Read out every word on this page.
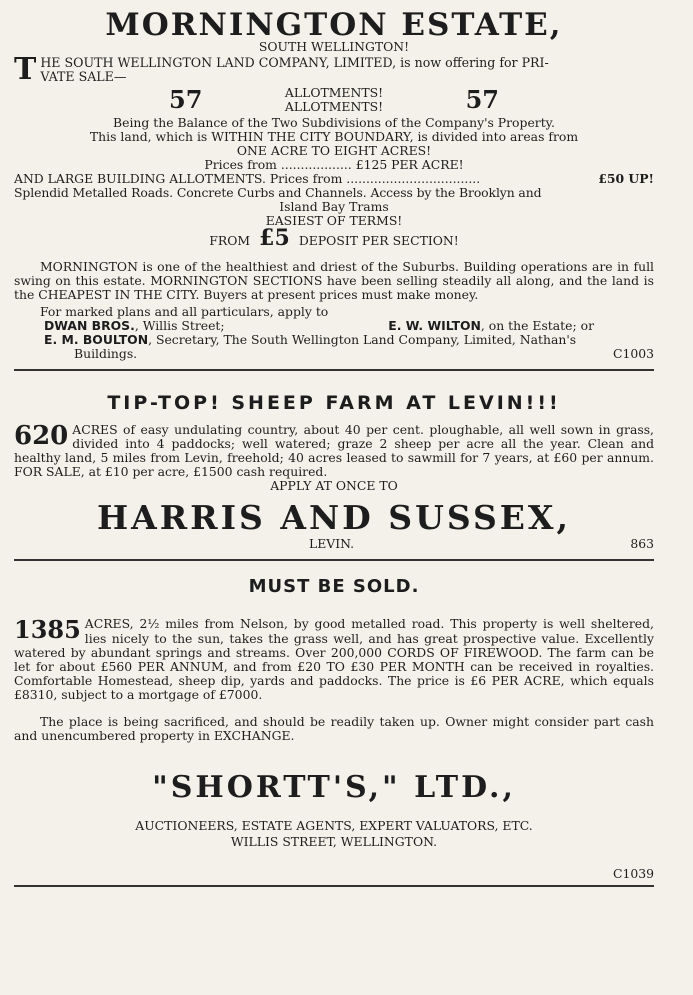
MORNINGTON ESTATE,

SOUTH WELLINGTON!

T HE SOUTH WELLINGTON LAND COMPANY, LIMITED, is now offering for PRI-

VATE SALE—

57	ALLOTMENTS!

ALLOTMENTS!	57

Being the Balance of the Two Subdivisions of the Company's Property.

This land, which is WITHIN THE CITY BOUNDARY, is divided into areas from

ONE ACRE TO EIGHT ACRES!

Prices from .................. £125 PER ACRE!

AND LARGE BUILDING ALLOTMENTS. Prices from ..................................	£50 UP!

Splendid Metalled Roads. Concrete Curbs and Channels. Access by the Brooklyn and

Island Bay Trams

EASIEST OF TERMS!

FROM £5 DEPOSIT PER SECTION!

MORNINGTON is one of the healthiest and driest of the Suburbs. Building operations are in full swing on this estate. MORNINGTON SECTIONS have been selling steadily all along, and the land is the CHEAPEST IN THE CITY. Buyers at present prices must make money.

For marked plans and all particulars, apply to

DWAN BROS., Willis Street;	E. W. WILTON, on the Estate; or

E. M. BOULTON, Secretary, The South Wellington Land Company, Limited, Nathan's

Buildings.	C1003
TIP-TOP! SHEEP FARM AT LEVIN!!!
620 ACRES of easy undulating country, about 40 per cent. ploughable, all well sown in grass, divided into 4 paddocks; well watered; graze 2 sheep per acre all the year. Clean and healthy land, 5 miles from Levin, freehold; 40 acres leased to sawmill for 7 years, at £60 per annum. FOR SALE, at £10 per acre, £1500 cash required.

APPLY AT ONCE TO

HARRIS AND SUSSEX,
LEVIN.	863
MUST BE SOLD.
1385 ACRES, 2½ miles from Nelson, by good metalled road. This property is well sheltered, lies nicely to the sun, takes the grass well, and has great prospective value. Excellently watered by abundant springs and streams. Over 200,000 CORDS OF FIREWOOD. The farm can be let for about £560 PER ANNUM, and from £20 TO £30 PER MONTH can be received in royalties. Comfortable Homestead, sheep dip, yards and paddocks. The price is £6 PER ACRE, which equals £8310, subject to a mortgage of £7000.

The place is being sacrificed, and should be readily taken up. Owner might consider part cash and unencumbered property in EXCHANGE.

"SHORTT'S," LTD.,

AUCTIONEERS, ESTATE AGENTS, EXPERT VALUATORS, ETC.

WILLIS STREET, WELLINGTON.

C1039
